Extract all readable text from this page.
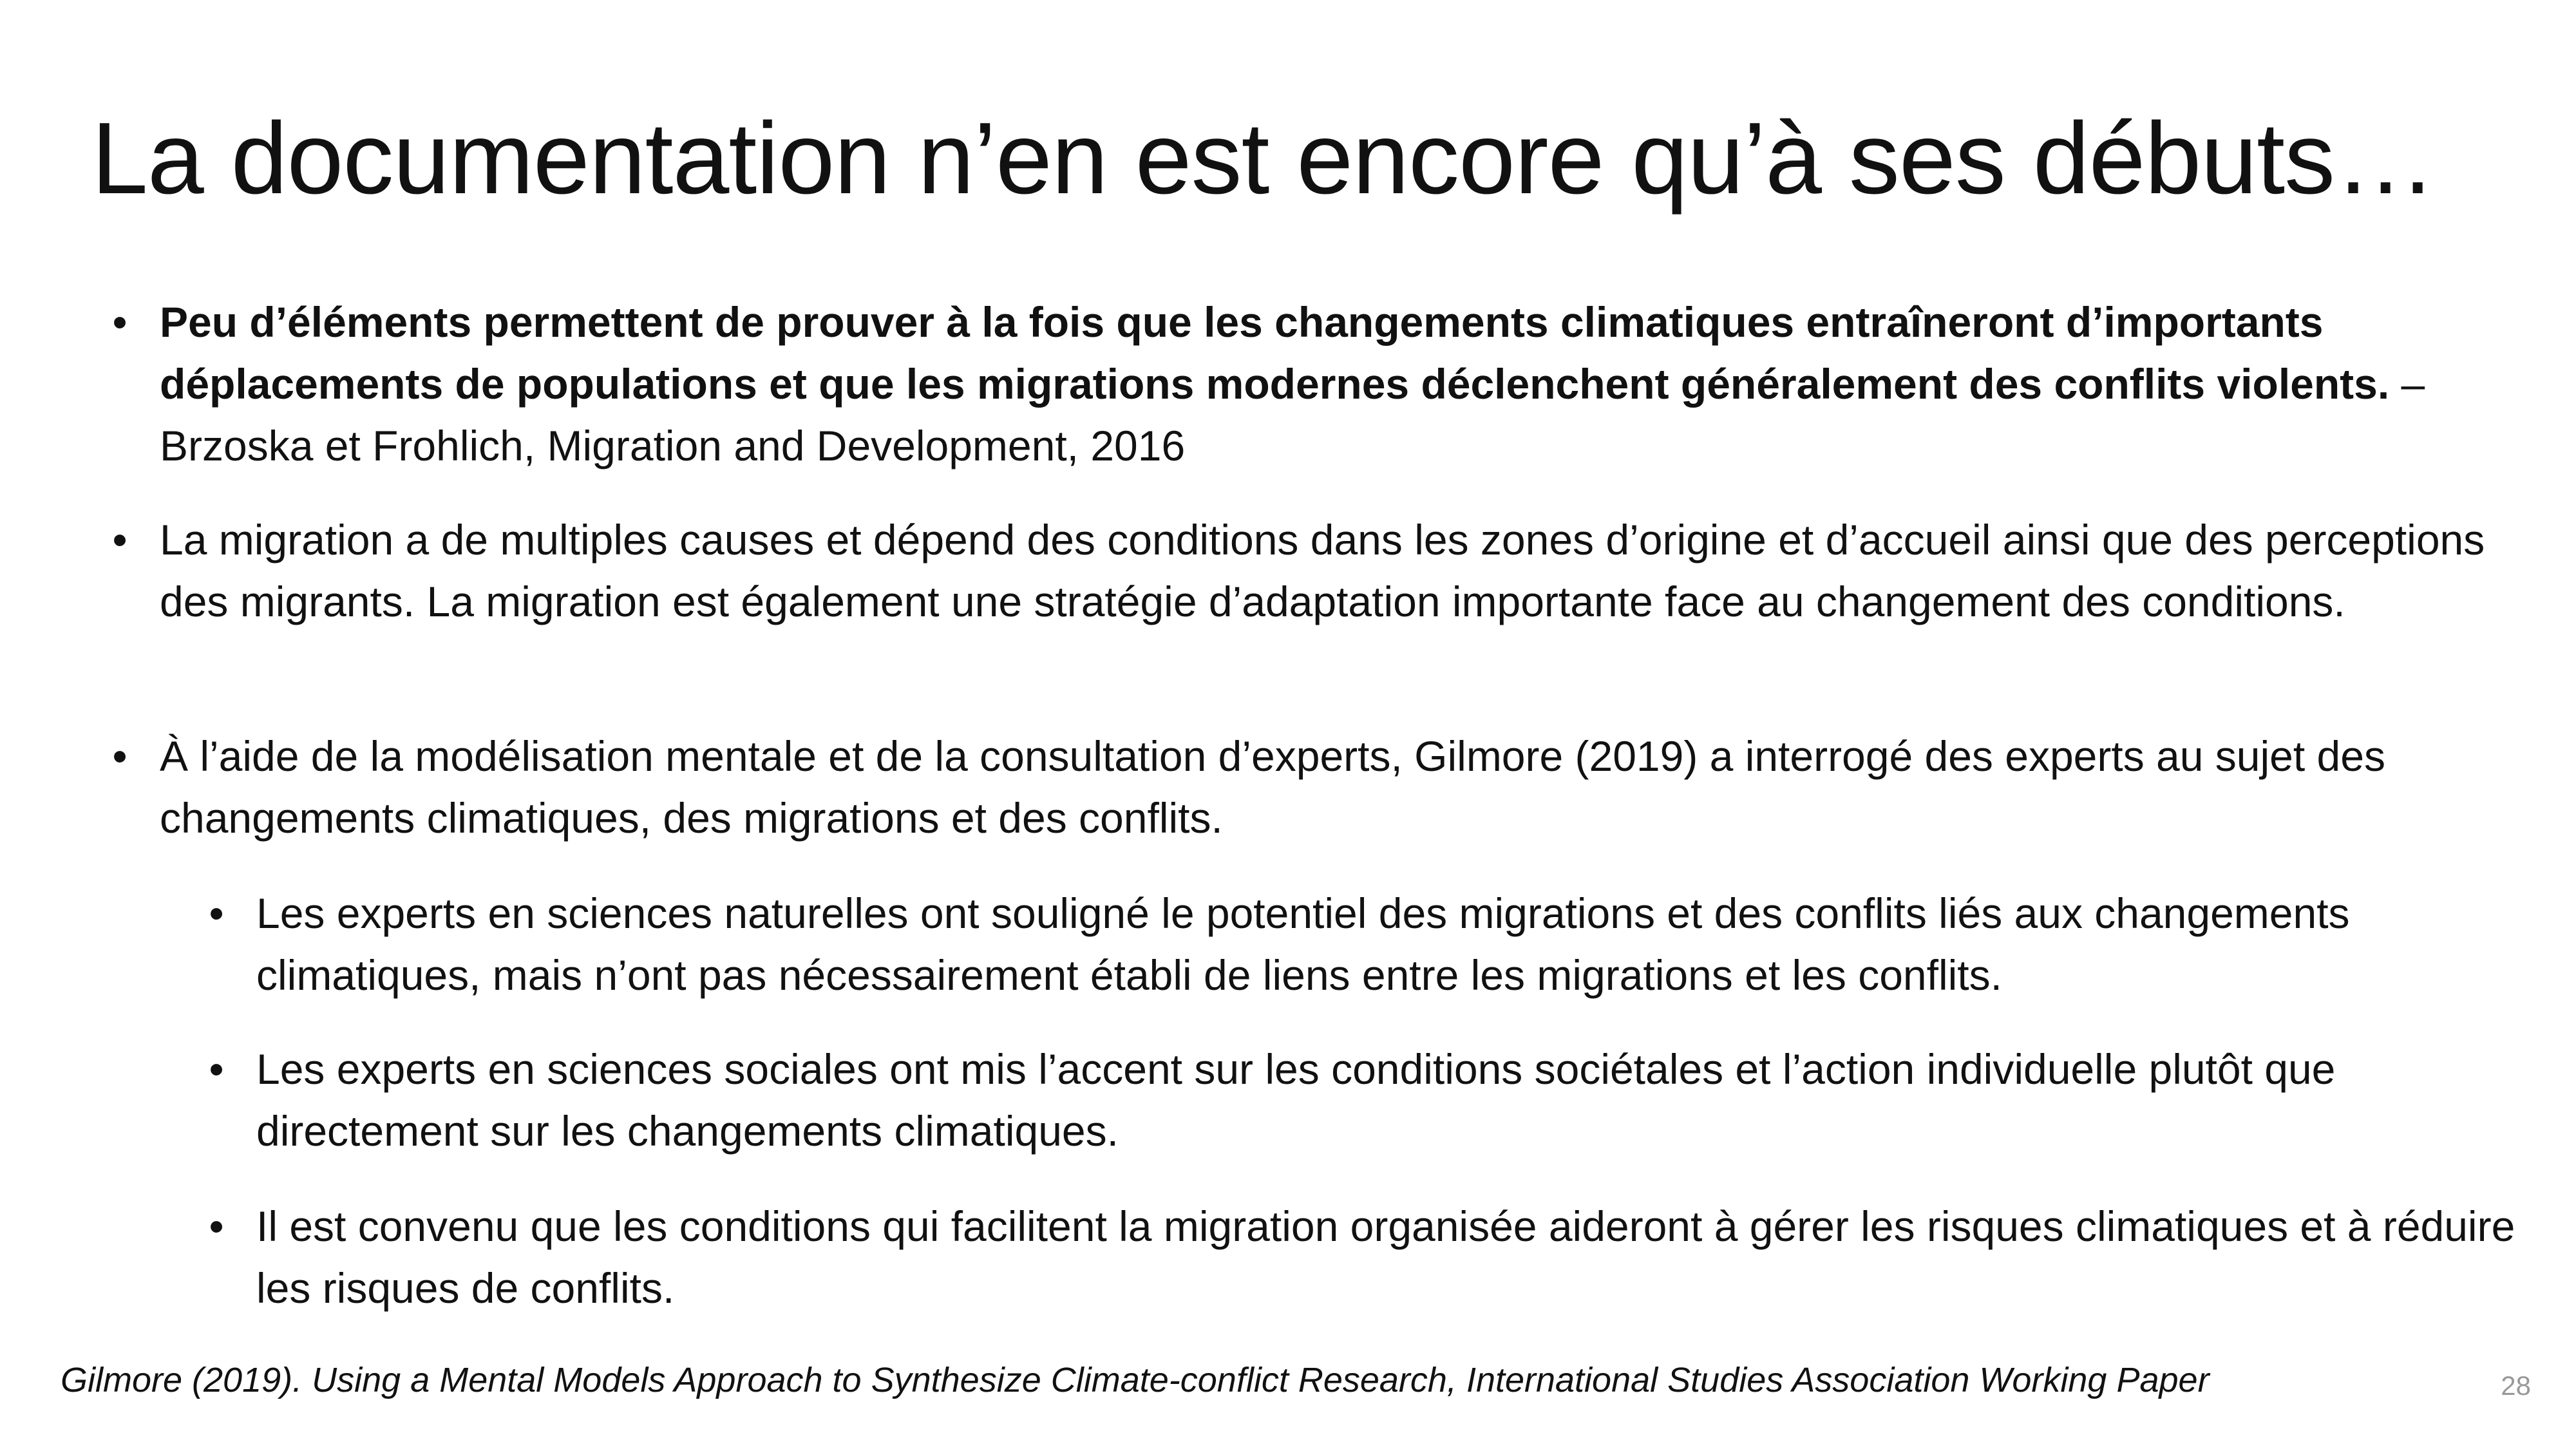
La documentation n’en est encore qu’à ses débuts…
• Peu d’éléments permettent de prouver à la fois que les changements climatiques entraîneront d’importants déplacements de populations et que les migrations modernes déclenchent généralement des conflits violents. – Brzoska et Frohlich, Migration and Development, 2016
• La migration a de multiples causes et dépend des conditions dans les zones d’origine et d’accueil ainsi que des perceptions des migrants. La migration est également une stratégie d’adaptation importante face au changement des conditions.
• À l’aide de la modélisation mentale et de la consultation d’experts, Gilmore (2019) a interrogé des experts au sujet des changements climatiques, des migrations et des conflits.
• Les experts en sciences naturelles ont souligné le potentiel des migrations et des conflits liés aux changements climatiques, mais n’ont pas nécessairement établi de liens entre les migrations et les conflits.
• Les experts en sciences sociales ont mis l’accent sur les conditions sociétales et l’action individuelle plutôt que directement sur les changements climatiques.
• Il est convenu que les conditions qui facilitent la migration organisée aideront à gérer les risques climatiques et à réduire les risques de conflits.
Gilmore (2019). Using a Mental Models Approach to Synthesize Climate-conflict Research, International Studies Association Working Paper	28
